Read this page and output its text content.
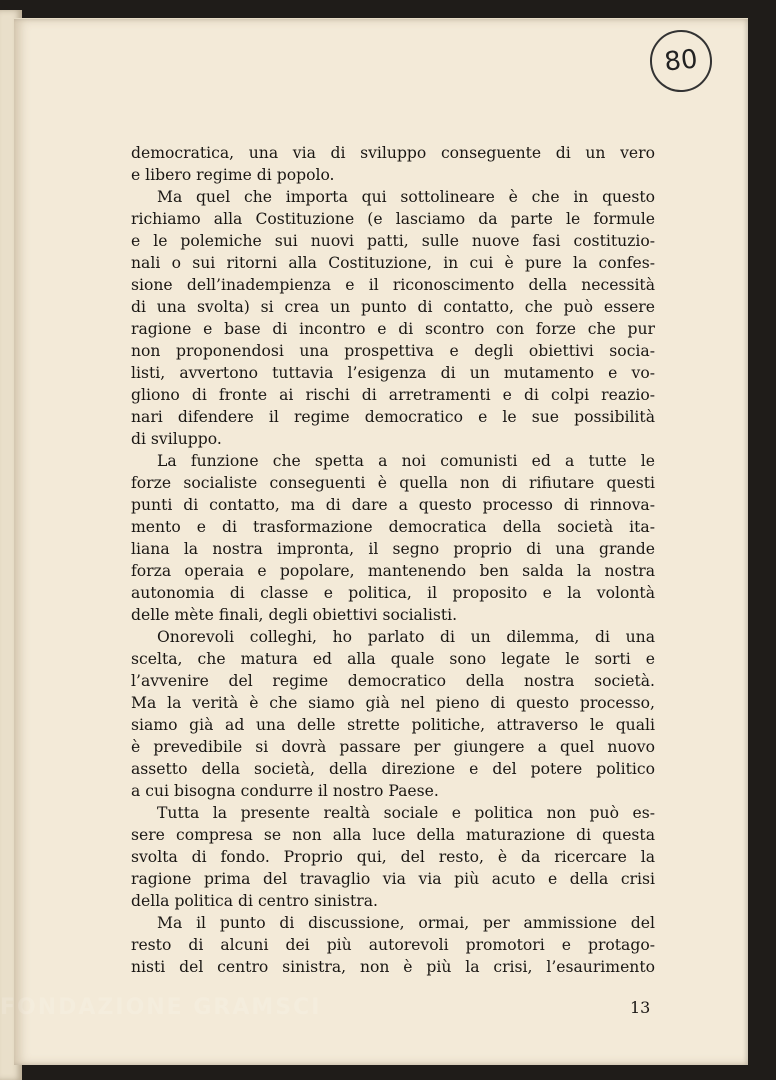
80
democratica, una via di sviluppo conseguente di un vero
e libero regime di popolo.
Ma quel che importa qui sottolineare è che in questo
richiamo alla Costituzione (e lasciamo da parte le formule
e le polemiche sui nuovi patti, sulle nuove fasi costituzio-
nali o sui ritorni alla Costituzione, in cui è pure la confes-
sione dell’inadempienza e il riconoscimento della necessità
di una svolta) si crea un punto di contatto, che può essere
ragione e base di incontro e di scontro con forze che pur
non proponendosi una prospettiva e degli obiettivi socia-
listi, avvertono tuttavia l’esigenza di un mutamento e vo-
gliono di fronte ai rischi di arretramenti e di colpi reazio-
nari difendere il regime democratico e le sue possibilità
di sviluppo.
La funzione che spetta a noi comunisti ed a tutte le
forze socialiste conseguenti è quella non di rifiutare questi
punti di contatto, ma di dare a questo processo di rinnova-
mento e di trasformazione democratica della società ita-
liana la nostra impronta, il segno proprio di una grande
forza operaia e popolare, mantenendo ben salda la nostra
autonomia di classe e politica, il proposito e la volontà
delle mète finali, degli obiettivi socialisti.
Onorevoli colleghi, ho parlato di un dilemma, di una
scelta, che matura ed alla quale sono legate le sorti e
l’avvenire del regime democratico della nostra società.
Ma la verità è che siamo già nel pieno di questo processo,
siamo già ad una delle strette politiche, attraverso le quali
è prevedibile si dovrà passare per giungere a quel nuovo
assetto della società, della direzione e del potere politico
a cui bisogna condurre il nostro Paese.
Tutta la presente realtà sociale e politica non può es-
sere compresa se non alla luce della maturazione di questa
svolta di fondo. Proprio qui, del resto, è da ricercare la
ragione prima del travaglio via via più acuto e della crisi
della politica di centro sinistra.
Ma il punto di discussione, ormai, per ammissione del
resto di alcuni dei più autorevoli promotori e protago-
nisti del centro sinistra, non è più la crisi, l’esaurimento
13
FONDAZIONE GRAMSCI
